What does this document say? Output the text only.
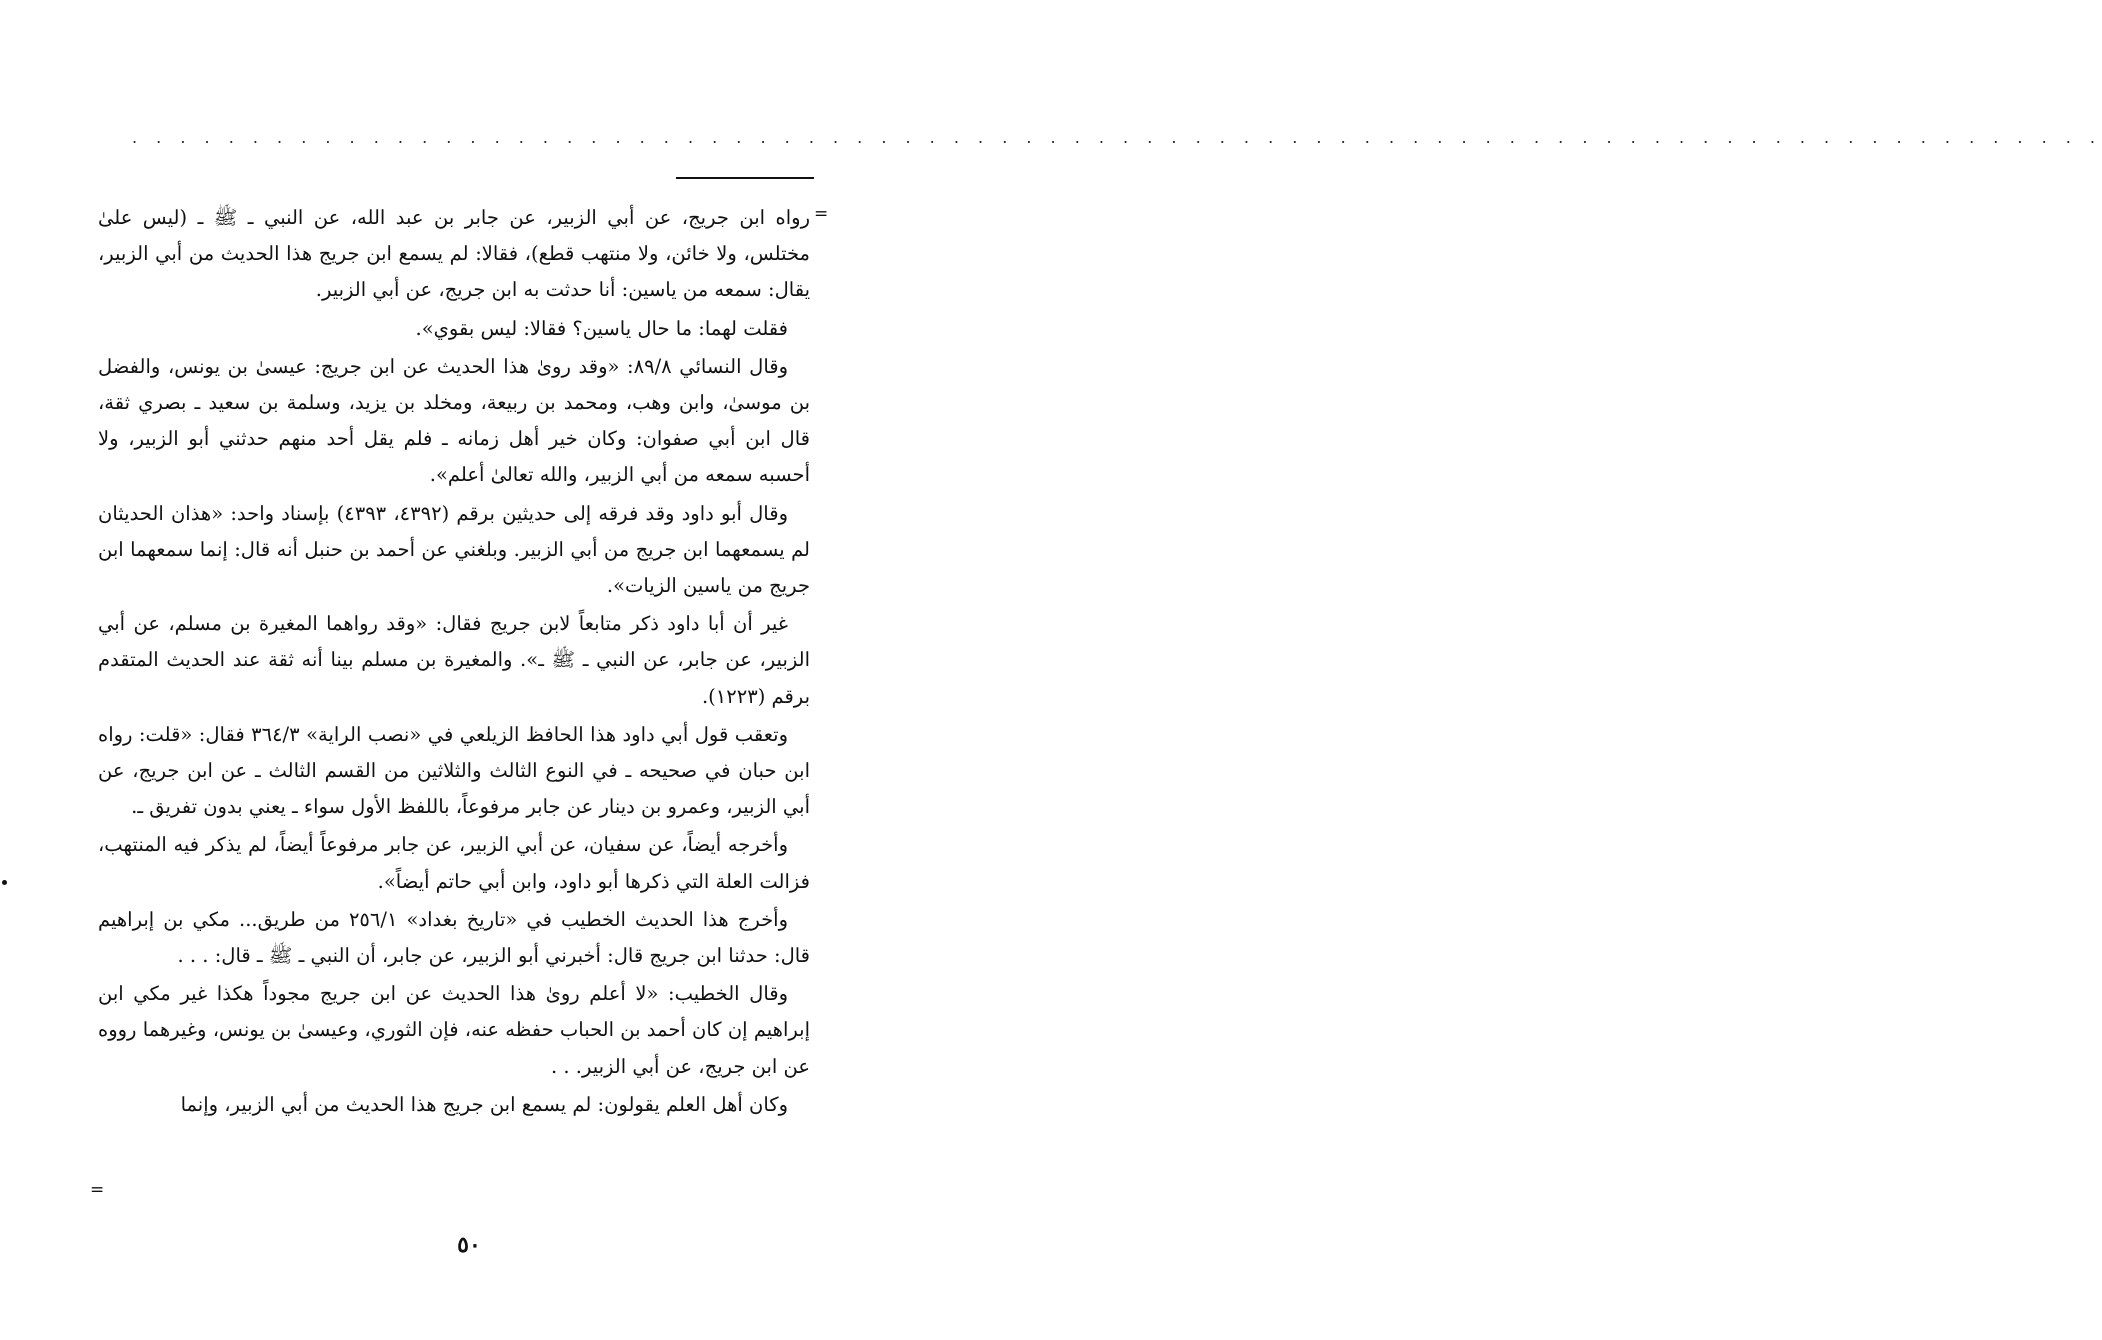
. . . . . . . . . . . . . . . . . . . . . . . . . . . . . . . . . . . . . . . . . . . . . . . . . . . . . . . . . . . . . . . . . . . . . . . . . . . . . . . . . .
=

رواه ابن جريج، عن أبي الزبير، عن جابر بن عبد الله، عن النبي ـ ﷺ ـ (ليس علىٰ مختلس، ولا خائن، ولا منتهب قطع)، فقالا: لم يسمع ابن جريج هذا الحديث من أبي الزبير، يقال: سمعه من ياسين: أنا حدثت به ابن جريج، عن أبي الزبير.

فقلت لهما: ما حال ياسين؟ فقالا: ليس بقوي».

وقال النسائي ٨٩/٨: «وقد روىٰ هذا الحديث عن ابن جريج: عيسىٰ بن يونس، والفضل بن موسىٰ، وابن وهب، ومحمد بن ربيعة، ومخلد بن يزيد، وسلمة بن سعيد ـ بصري ثقة، قال ابن أبي صفوان: وكان خير أهل زمانه ـ فلم يقل أحد منهم حدثني أبو الزبير، ولا أحسبه سمعه من أبي الزبير، والله تعالىٰ أعلم».

وقال أبو داود وقد فرقه إلى حديثين برقم (٤٣٩٢، ٤٣٩٣) بإسناد واحد: «هذان الحديثان لم يسمعهما ابن جريج من أبي الزبير. وبلغني عن أحمد بن حنبل أنه قال: إنما سمعهما ابن جريج من ياسين الزيات».

غير أن أبا داود ذكر متابعاً لابن جريج فقال: «وقد رواهما المغيرة بن مسلم، عن أبي الزبير، عن جابر، عن النبي ـ ﷺ ـ». والمغيرة بن مسلم بينا أنه ثقة عند الحديث المتقدم برقم (١٢٢٣).

وتعقب قول أبي داود هذا الحافظ الزيلعي في «نصب الراية» ٣٦٤/٣ فقال: «قلت: رواه ابن حبان في صحيحه ـ في النوع الثالث والثلاثين من القسم الثالث ـ عن ابن جريج، عن أبي الزبير، وعمرو بن دينار عن جابر مرفوعاً، باللفظ الأول سواء ـ يعني بدون تفريق ـ.

وأخرجه أيضاً، عن سفيان، عن أبي الزبير، عن جابر مرفوعاً أيضاً، لم يذكر فيه المنتهب، فزالت العلة التي ذكرها أبو داود، وابن أبي حاتم أيضاً».

وأخرج هذا الحديث الخطيب في «تاريخ بغداد» ٢٥٦/١ من طريق... مكي بن إبراهيم قال: حدثنا ابن جريج قال: أخبرني أبو الزبير، عن جابر، أن النبي ـ ﷺ ـ قال: . . .

وقال الخطيب: «لا أعلم روىٰ هذا الحديث عن ابن جريج مجوداً هكذا غير مكي ابن إبراهيم إن كان أحمد بن الحباب حفظه عنه، فإن الثوري، وعيسىٰ بن يونس، وغيرهما رووه عن ابن جريج، عن أبي الزبير. . .

وكان أهل العلم يقولون: لم يسمع ابن جريج هذا الحديث من أبي الزبير، وإنما

=
٥٠
